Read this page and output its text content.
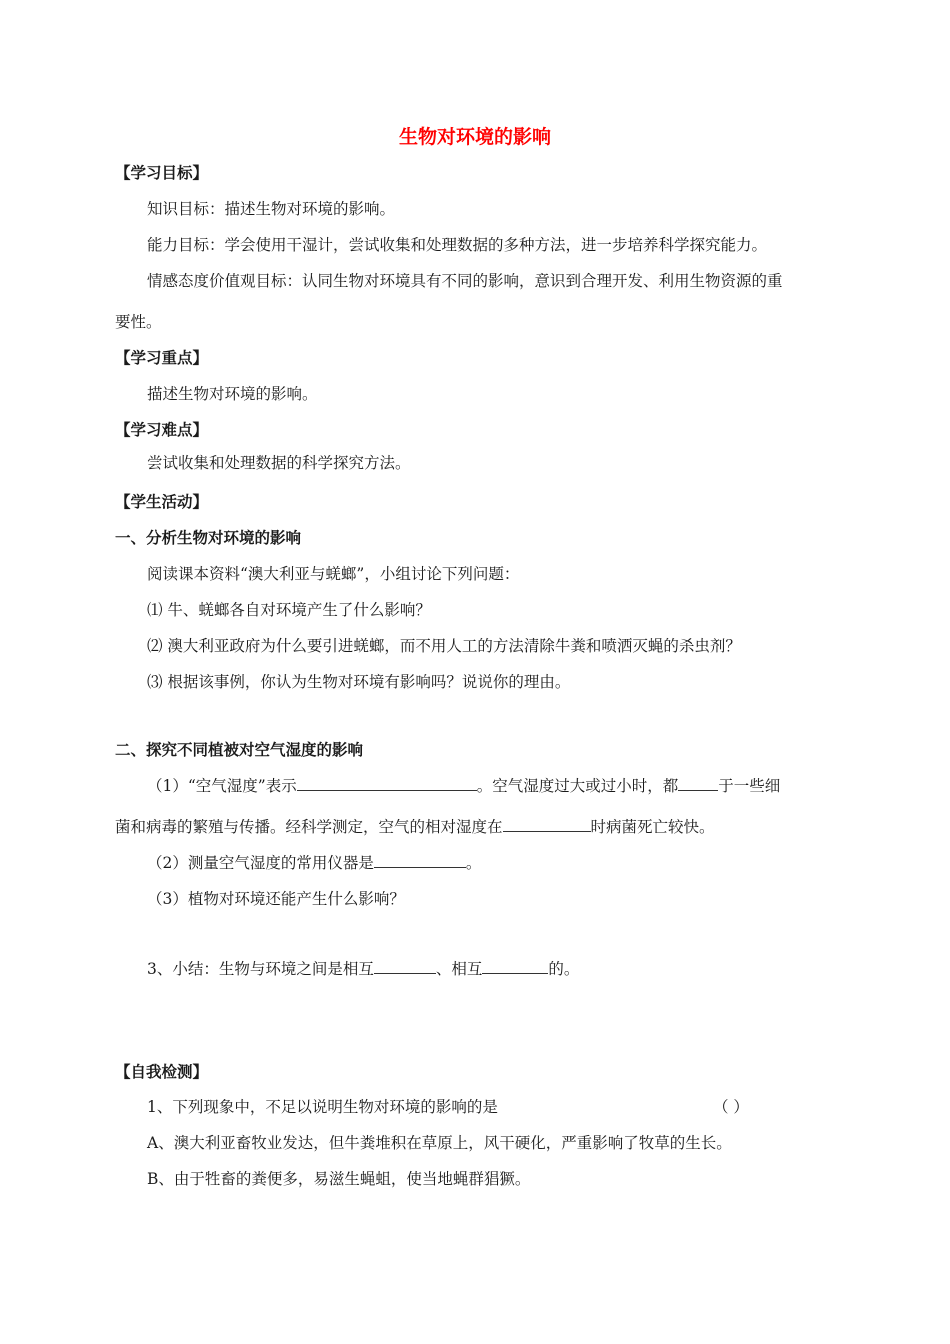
生物对环境的影响
【学习目标】
知识目标：描述生物对环境的影响。
能力目标：学会使用干湿计，尝试收集和处理数据的多种方法，进一步培养科学探究能力。
情感态度价值观目标：认同生物对环境具有不同的影响，意识到合理开发、利用生物资源的重
要性。
【学习重点】
描述生物对环境的影响。
【学习难点】
尝试收集和处理数据的科学探究方法。
【学生活动】
一、分析生物对环境的影响
阅读课本资料“澳大利亚与蜣螂”，小组讨论下列问题：
⑴ 牛、蜣螂各自对环境产生了什么影响？
⑵ 澳大利亚政府为什么要引进蜣螂，而不用人工的方法清除牛粪和喷洒灭蝇的杀虫剂？
⑶ 根据该事例，你认为生物对环境有影响吗？说说你的理由。
二、探究不同植被对空气湿度的影响
（1）“空气湿度”表示	。空气湿度过大或过小时，都	于一些细
菌和病毒的繁殖与传播。经科学测定，空气的相对湿度在	时病菌死亡较快。
（2）测量空气湿度的常用仪器是	。
（3）植物对环境还能产生什么影响？
3、小结：生物与环境之间是相互	、相互	的。
【自我检测】
1、下列现象中，不足以说明生物对环境的影响的是	（ ）
A、澳大利亚畜牧业发达，但牛粪堆积在草原上，风干硬化，严重影响了牧草的生长。
B、由于牲畜的粪便多，易滋生蝇蛆，使当地蝇群猖獗。
